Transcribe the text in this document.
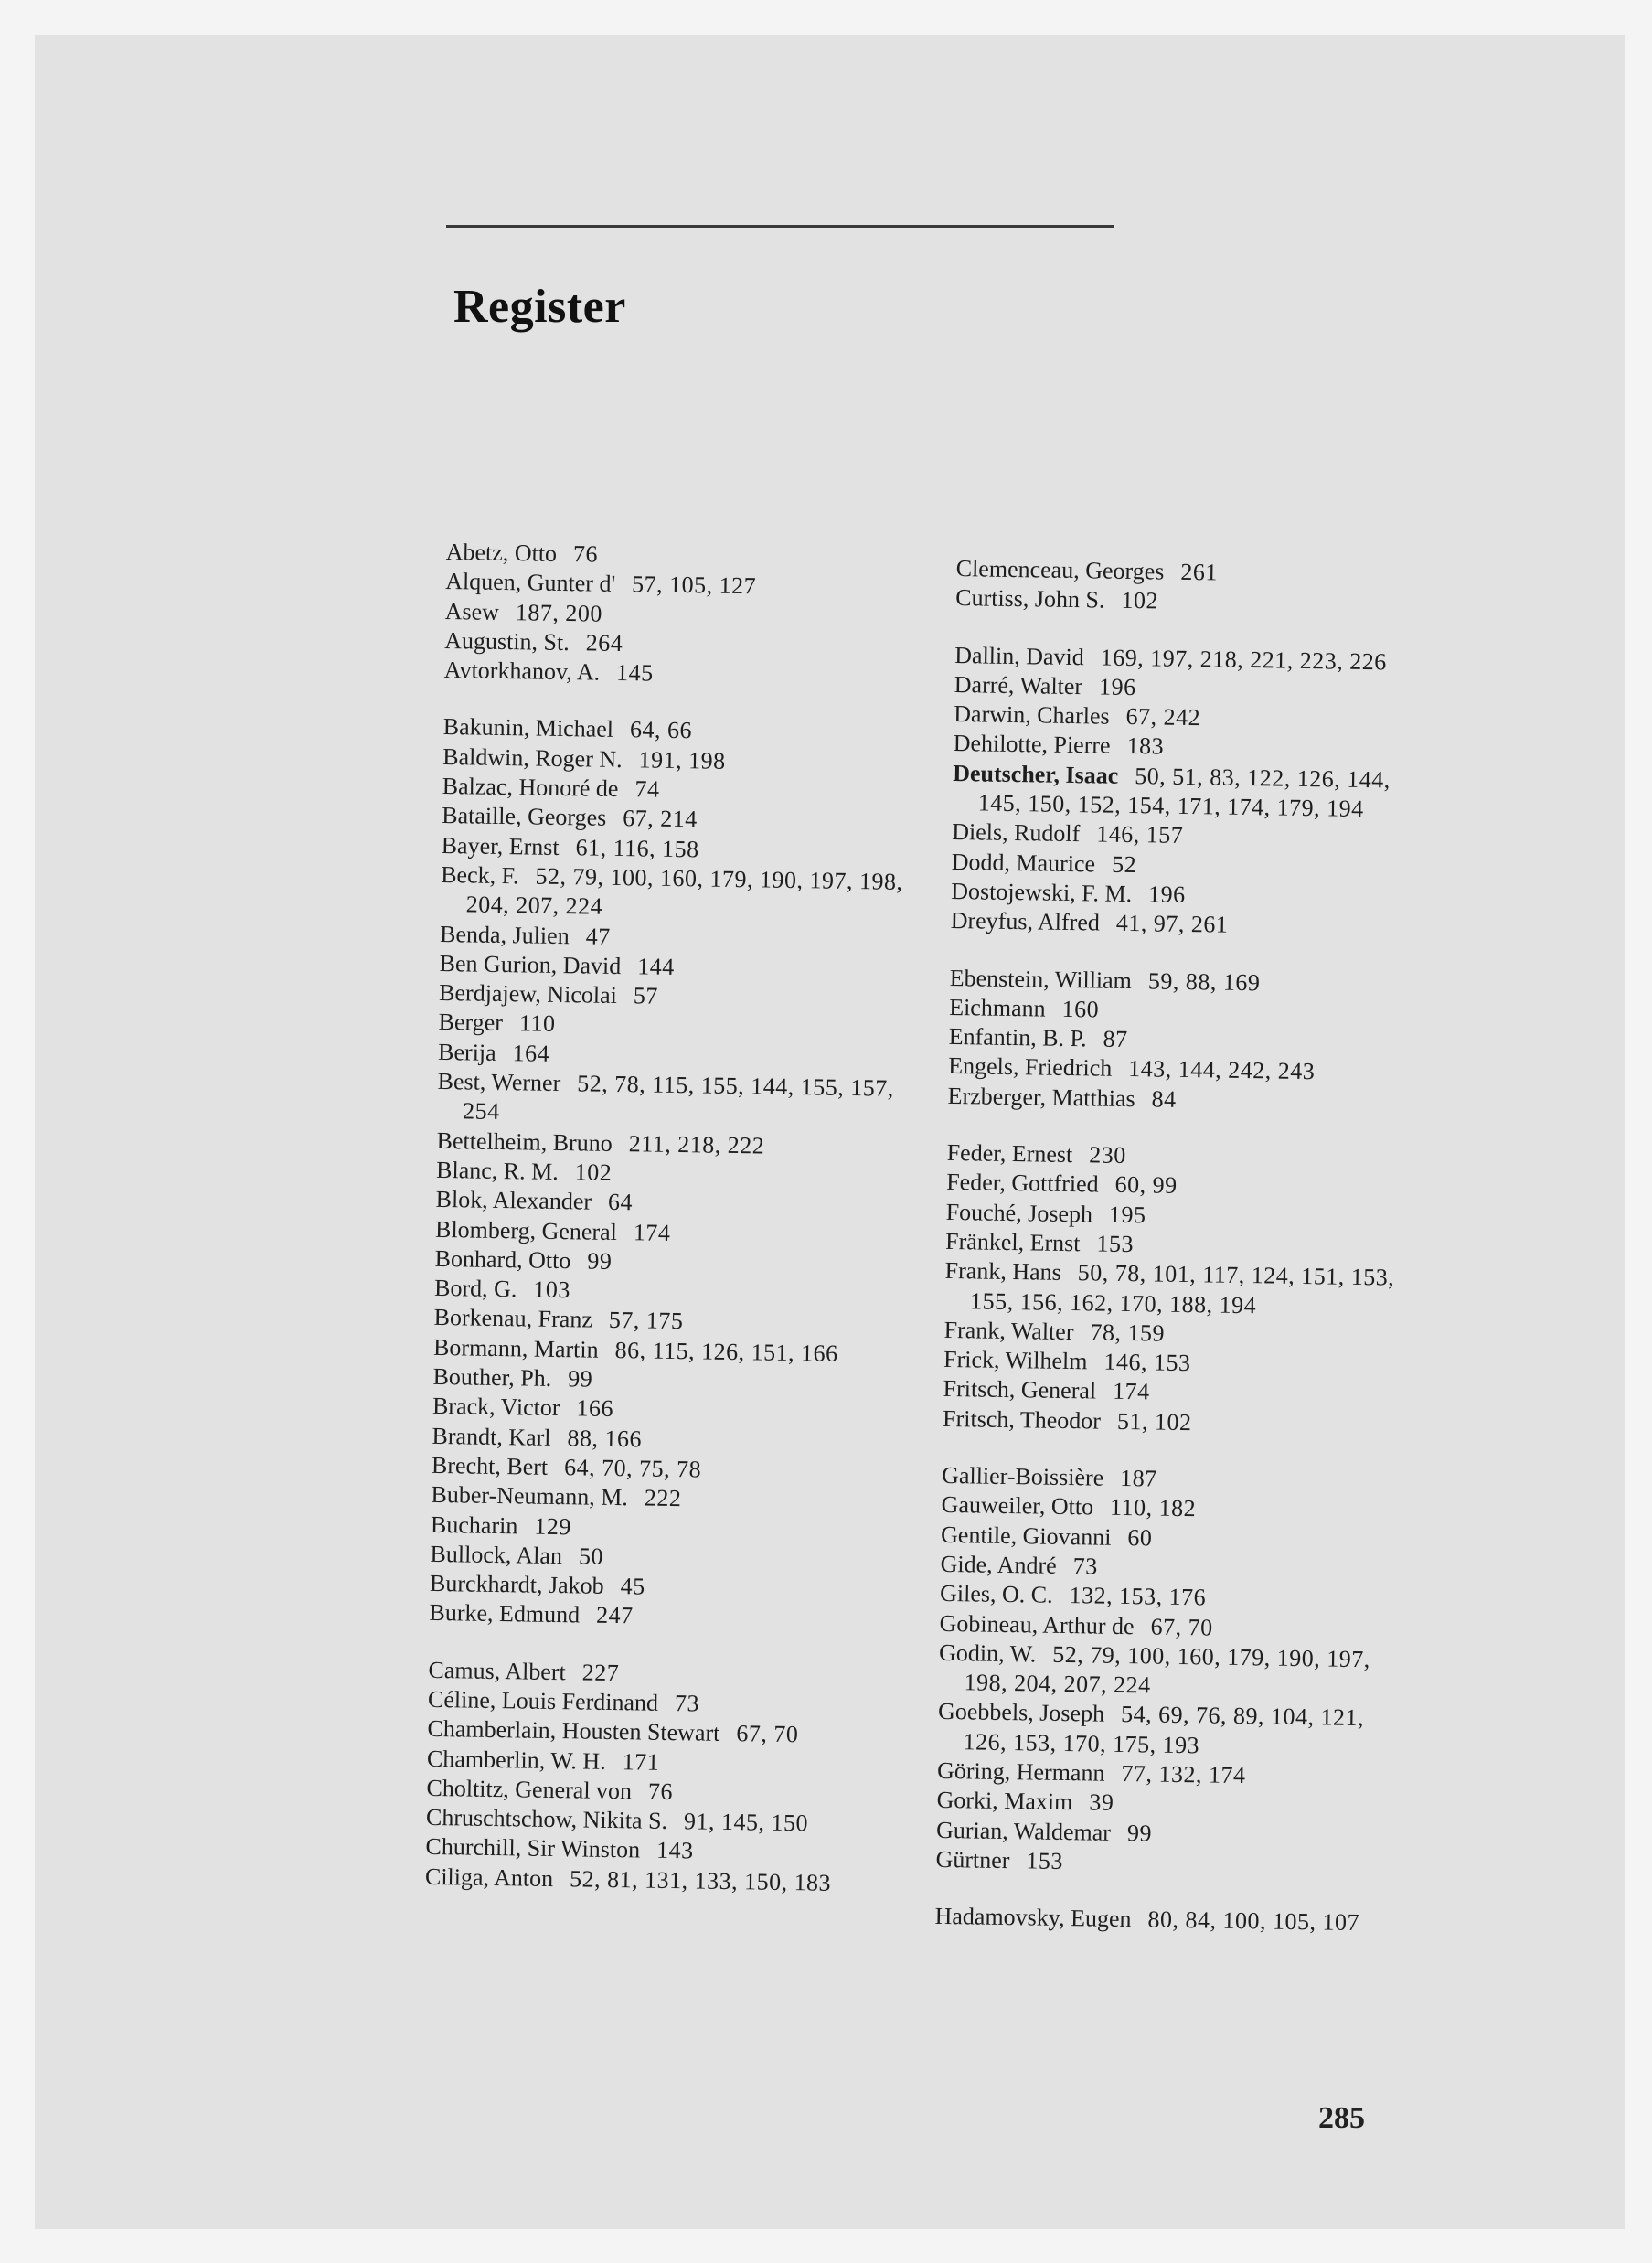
Register

Abetz, Otto 76

Alquen, Gunter d' 57, 105, 127

Asew 187, 200

Augustin, St. 264

Avtorkhanov, A. 145

Bakunin, Michael 64, 66

Baldwin, Roger N. 191, 198

Balzac, Honoré de 74

Bataille, Georges 67, 214

Bayer, Ernst 61, 116, 158

Beck, F. 52, 79, 100, 160, 179, 190, 197, 198, 204, 207, 224

Benda, Julien 47

Ben Gurion, David 144

Berdjajew, Nicolai 57

Berger 110

Berija 164

Best, Werner 52, 78, 115, 155, 144, 155, 157, 254

Bettelheim, Bruno 211, 218, 222

Blanc, R. M. 102

Blok, Alexander 64

Blomberg, General 174

Bonhard, Otto 99

Bord, G. 103

Borkenau, Franz 57, 175

Bormann, Martin 86, 115, 126, 151, 166

Bouther, Ph. 99

Brack, Victor 166

Brandt, Karl 88, 166

Brecht, Bert 64, 70, 75, 78

Buber-Neumann, M. 222

Bucharin 129

Bullock, Alan 50

Burckhardt, Jakob 45

Burke, Edmund 247

Camus, Albert 227

Céline, Louis Ferdinand 73

Chamberlain, Housten Stewart 67, 70

Chamberlin, W. H. 171

Choltitz, General von 76

Chruschtschow, Nikita S. 91, 145, 150

Churchill, Sir Winston 143

Ciliga, Anton 52, 81, 131, 133, 150, 183

Clemenceau, Georges 261

Curtiss, John S. 102

Dallin, David 169, 197, 218, 221, 223, 226

Darré, Walter 196

Darwin, Charles 67, 242

Dehilotte, Pierre 183

Deutscher, Isaac 50, 51, 83, 122, 126, 144, 145, 150, 152, 154, 171, 174, 179, 194

Diels, Rudolf 146, 157

Dodd, Maurice 52

Dostojewski, F. M. 196

Dreyfus, Alfred 41, 97, 261

Ebenstein, William 59, 88, 169

Eichmann 160

Enfantin, B. P. 87

Engels, Friedrich 143, 144, 242, 243

Erzberger, Matthias 84

Feder, Ernest 230

Feder, Gottfried 60, 99

Fouché, Joseph 195

Fränkel, Ernst 153

Frank, Hans 50, 78, 101, 117, 124, 151, 153, 155, 156, 162, 170, 188, 194

Frank, Walter 78, 159

Frick, Wilhelm 146, 153

Fritsch, General 174

Fritsch, Theodor 51, 102

Gallier-Boissière 187

Gauweiler, Otto 110, 182

Gentile, Giovanni 60

Gide, André 73

Giles, O. C. 132, 153, 176

Gobineau, Arthur de 67, 70

Godin, W. 52, 79, 100, 160, 179, 190, 197, 198, 204, 207, 224

Goebbels, Joseph 54, 69, 76, 89, 104, 121, 126, 153, 170, 175, 193

Göring, Hermann 77, 132, 174

Gorki, Maxim 39

Gurian, Waldemar 99

Gürtner 153

Hadamovsky, Eugen 80, 84, 100, 105, 107

285
